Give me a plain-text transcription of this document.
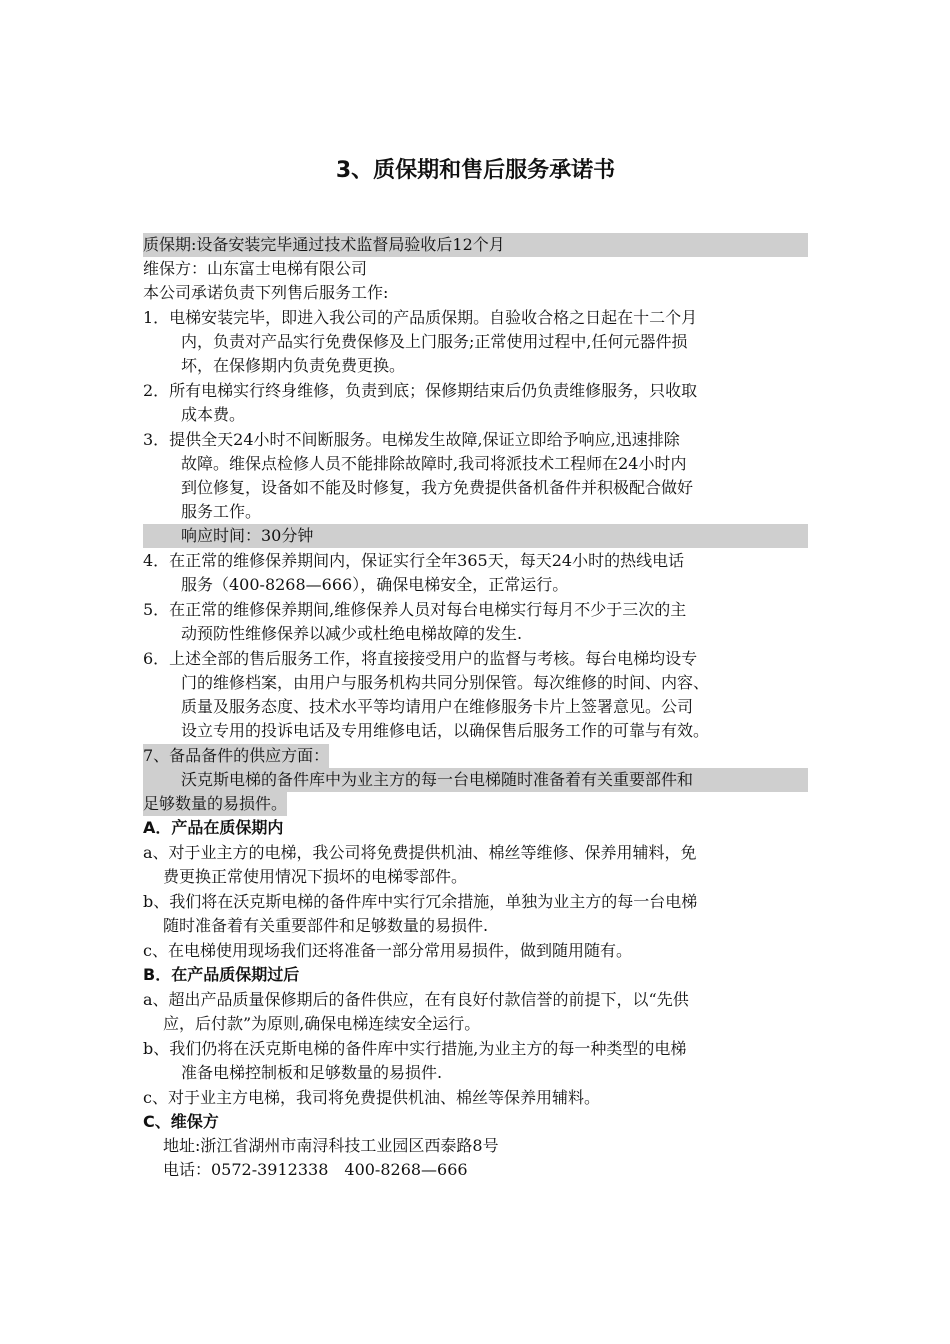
3、质保期和售后服务承诺书
质保期:设备安装完毕通过技术监督局验收后12个月
维保方：山东富士电梯有限公司
本公司承诺负责下列售后服务工作:
1．电梯安装完毕，即进入我公司的产品质保期。自验收合格之日起在十二个月
内，负责对产品实行免费保修及上门服务;正常使用过程中,任何元器件损
坏，在保修期内负责免费更换。
2．所有电梯实行终身维修，负责到底；保修期结束后仍负责维修服务，只收取
成本费。
3．提供全天24小时不间断服务。电梯发生故障,保证立即给予响应,迅速排除
故障。维保点检修人员不能排除故障时,我司将派技术工程师在24小时内
到位修复，设备如不能及时修复，我方免费提供备机备件并积极配合做好
服务工作。
响应时间：30分钟
4．在正常的维修保养期间内，保证实行全年365天，每天24小时的热线电话
服务（400-8268—666），确保电梯安全，正常运行。
5．在正常的维修保养期间,维修保养人员对每台电梯实行每月不少于三次的主
动预防性维修保养以减少或杜绝电梯故障的发生.
6．上述全部的售后服务工作，将直接接受用户的监督与考核。每台电梯均设专
门的维修档案，由用户与服务机构共同分别保管。每次维修的时间、内容、
质量及服务态度、技术水平等均请用户在维修服务卡片上签署意见。公司
设立专用的投诉电话及专用维修电话，以确保售后服务工作的可靠与有效。
7、备品备件的供应方面：
沃克斯电梯的备件库中为业主方的每一台电梯随时准备着有关重要部件和
足够数量的易损件。
A．产品在质保期内
a、对于业主方的电梯，我公司将免费提供机油、棉丝等维修、保养用辅料，免
费更换正常使用情况下损坏的电梯零部件。
b、我们将在沃克斯电梯的备件库中实行冗余措施，单独为业主方的每一台电梯
随时准备着有关重要部件和足够数量的易损件.
c、在电梯使用现场我们还将准备一部分常用易损件，做到随用随有。
B．在产品质保期过后
a、超出产品质量保修期后的备件供应，在有良好付款信誉的前提下，以“先供
应，后付款”为原则,确保电梯连续安全运行。
b、我们仍将在沃克斯电梯的备件库中实行措施,为业主方的每一种类型的电梯
准备电梯控制板和足够数量的易损件.
c、对于业主方电梯，我司将免费提供机油、棉丝等保养用辅料。
C、维保方
地址:浙江省湖州市南浔科技工业园区西泰路8号
电话：0572-3912338　400-8268—666
